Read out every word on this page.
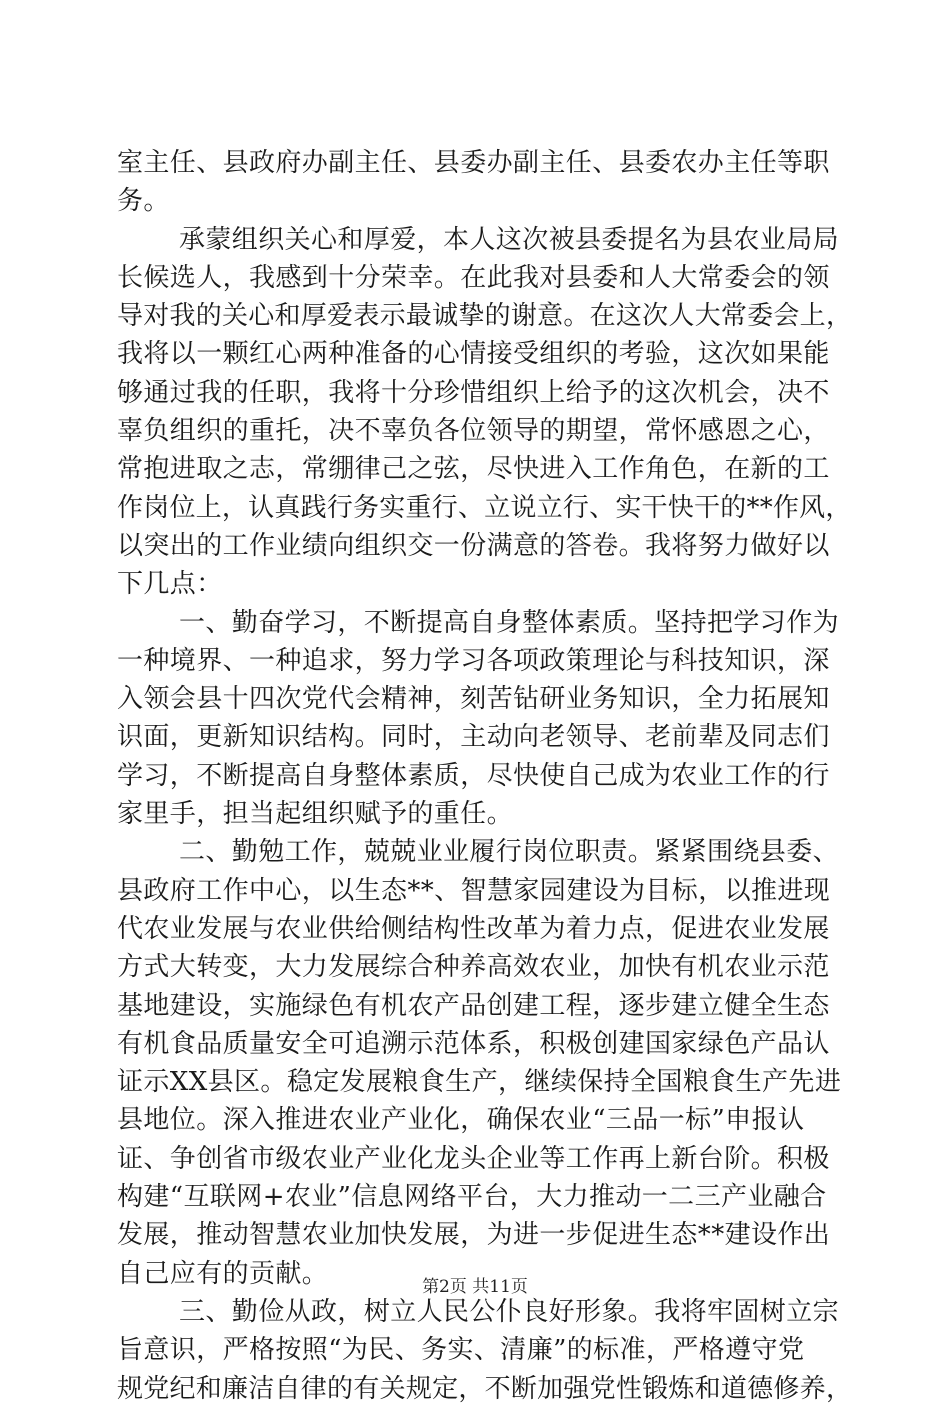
室主任、县政府办副主任、县委办副主任、县委农办主任等职
务。
承蒙组织关心和厚爱，本人这次被县委提名为县农业局局
长候选人，我感到十分荣幸。在此我对县委和人大常委会的领
导对我的关心和厚爱表示最诚挚的谢意。在这次人大常委会上，
我将以一颗红心两种准备的心情接受组织的考验，这次如果能
够通过我的任职，我将十分珍惜组织上给予的这次机会，决不
辜负组织的重托，决不辜负各位领导的期望，常怀感恩之心，
常抱进取之志，常绷律己之弦，尽快进入工作角色，在新的工
作岗位上，认真践行务实重行、立说立行、实干快干的**作风，
以突出的工作业绩向组织交一份满意的答卷。我将努力做好以
下几点：
一、勤奋学习，不断提高自身整体素质。坚持把学习作为
一种境界、一种追求，努力学习各项政策理论与科技知识，深
入领会县十四次党代会精神，刻苦钻研业务知识，全力拓展知
识面，更新知识结构。同时，主动向老领导、老前辈及同志们
学习，不断提高自身整体素质，尽快使自己成为农业工作的行
家里手，担当起组织赋予的重任。
二、勤勉工作，兢兢业业履行岗位职责。紧紧围绕县委、
县政府工作中心，以生态**、智慧家园建设为目标，以推进现
代农业发展与农业供给侧结构性改革为着力点，促进农业发展
方式大转变，大力发展综合种养高效农业，加快有机农业示范
基地建设，实施绿色有机农产品创建工程，逐步建立健全生态
有机食品质量安全可追溯示范体系，积极创建国家绿色产品认
证示XX县区。稳定发展粮食生产，继续保持全国粮食生产先进
县地位。深入推进农业产业化，确保农业“三品一标”申报认
证、争创省市级农业产业化龙头企业等工作再上新台阶。积极
构建“互联网+农业”信息网络平台，大力推动一二三产业融合
发展，推动智慧农业加快发展，为进一步促进生态**建设作出
自己应有的贡献。
三、勤俭从政，树立人民公仆良好形象。我将牢固树立宗
旨意识，严格按照“为民、务实、清廉”的标准，严格遵守党
规党纪和廉洁自律的有关规定，不断加强党性锻炼和道德修养，
第2页 共11页
